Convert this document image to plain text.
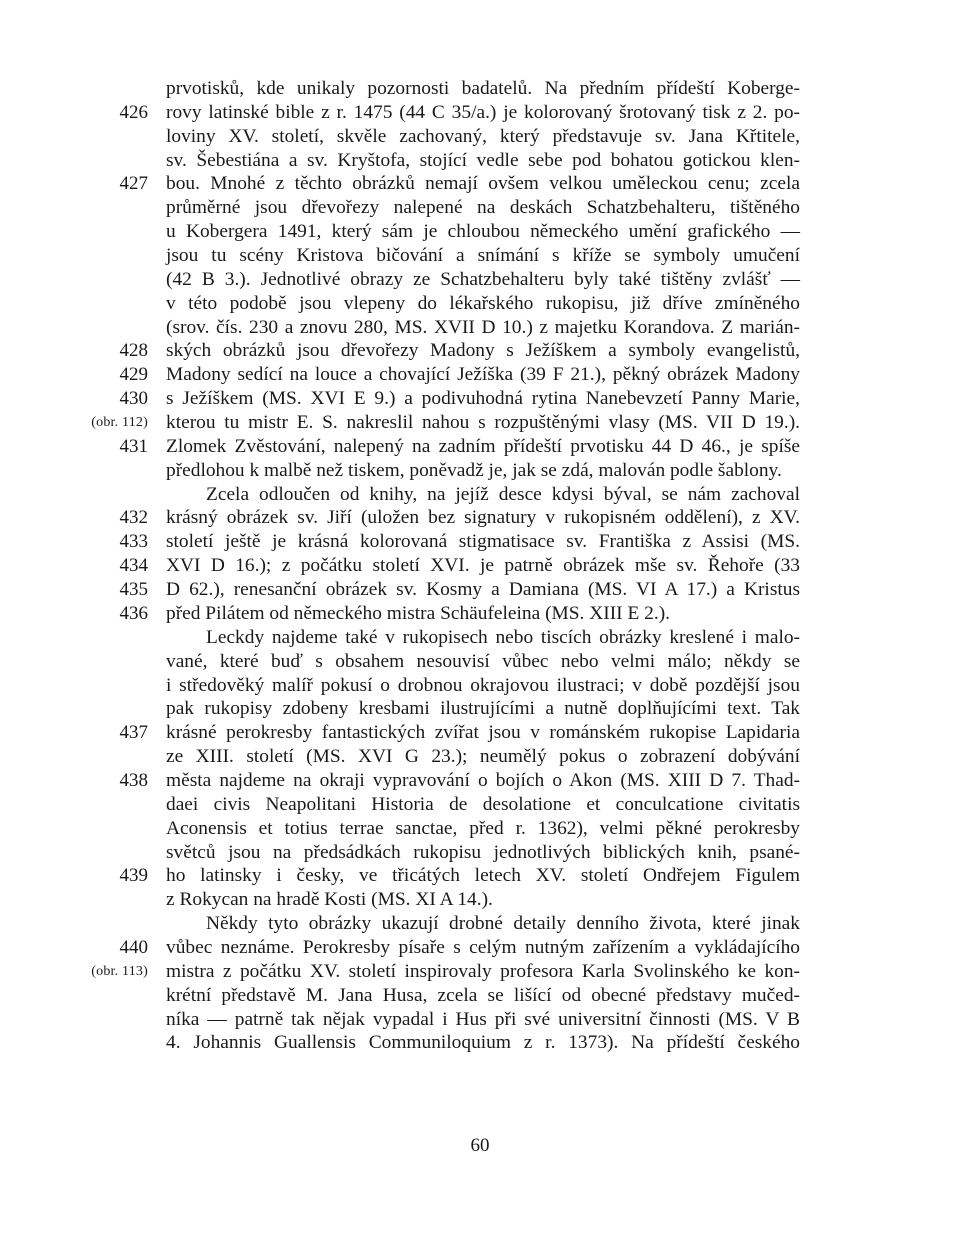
prvotisků, kde unikaly pozornosti badatelů. Na předním přídeští Koberge-
rovy latinské bible z r. 1475 (44 C 35/a.) je kolorovaný šrotovaný tisk z 2. po-
426
loviny XV. století, skvěle zachovaný, který představuje sv. Jana Křtitele,
sv. Šebestiána a sv. Kryštofa, stojící vedle sebe pod bohatou gotickou klen-
bou. Mnohé z těchto obrázků nemají ovšem velkou uměleckou cenu; zcela
427
průměrné jsou dřevořezy nalepené na deskách Schatzbehalteru, tištěného
u Kobergera 1491, který sám je chloubou německého umění grafického —
jsou tu scény Kristova bičování a snímání s kříže se symboly umučení
(42 B 3.). Jednotlivé obrazy ze Schatzbehalteru byly také tištěny zvlášť —
v této podobě jsou vlepeny do lékařského rukopisu, již dříve zmíněného
(srov. čís. 230 a znovu 280, MS. XVII D 10.) z majetku Korandova. Z marián-
ských obrázků jsou dřevořezy Madony s Ježíškem a symboly evangelistů,
428
Madony sedící na louce a chovající Ježíška (39 F 21.), pěkný obrázek Madony
429
s Ježíškem (MS. XVI E 9.) a podivuhodná rytina Nanebevzetí Panny Marie,
430
kterou tu mistr E. S. nakreslil nahou s rozpuštěnými vlasy (MS. VII D 19.).
(obr. 112)
Zlomek Zvěstování, nalepený na zadním přídeští prvotisku 44 D 46., je spíše
431
předlohou k malbě než tiskem, poněvadž je, jak se zdá, malován podle šablony.
Zcela odloučen od knihy, na jejíž desce kdysi býval, se nám zachoval
krásný obrázek sv. Jiří (uložen bez signatury v rukopisném oddělení), z XV.
432
století ještě je krásná kolorovaná stigmatisace sv. Františka z Assisi (MS.
433
XVI D 16.); z počátku století XVI. je patrně obrázek mše sv. Řehoře (33
434
D 62.), renesanční obrázek sv. Kosmy a Damiana (MS. VI A 17.) a Kristus
435
před Pilátem od německého mistra Schäufeleina (MS. XIII E 2.).
436
Leckdy najdeme také v rukopisech nebo tiscích obrázky kreslené i malo-
vané, které buď s obsahem nesouvisí vůbec nebo velmi málo; někdy se
i středověký malíř pokusí o drobnou okrajovou ilustraci; v době pozdější jsou
pak rukopisy zdobeny kresbami ilustrujícími a nutně doplňujícími text. Tak
krásné perokresby fantastických zvířat jsou v románském rukopise Lapidaria
437
ze XIII. století (MS. XVI G 23.); neumělý pokus o zobrazení dobývání
města najdeme na okraji vypravování o bojích o Akon (MS. XIII D 7. Thad-
438
daei civis Neapolitani Historia de desolatione et conculcatione civitatis
Aconensis et totius terrae sanctae, před r. 1362), velmi pěkné perokresby
světců jsou na předsádkách rukopisu jednotlivých biblických knih, psané-
ho latinsky i česky, ve třicátých letech XV. století Ondřejem Figulem
439
z Rokycan na hradě Kosti (MS. XI A 14.).
Někdy tyto obrázky ukazují drobné detaily denního života, které jinak
vůbec neznáme. Perokresby písaře s celým nutným zařízením a vykládajícího
440
mistra z počátku XV. století inspirovaly profesora Karla Svolinského ke kon-
(obr. 113)
krétní představě M. Jana Husa, zcela se lišící od obecné představy mučed-
níka — patrně tak nějak vypadal i Hus při své universitní činnosti (MS. V B
4. Johannis Guallensis Communiloquium z r. 1373). Na přídeští českého
60
